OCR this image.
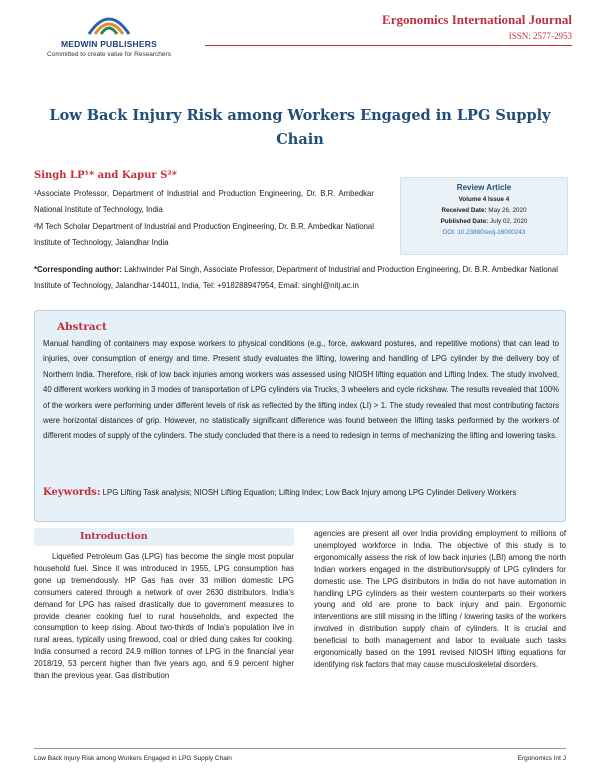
MEDWIN PUBLISHERS
Committed to create value for Researchers
Ergonomics International Journal
ISSN: 2577-2953
Low Back Injury Risk among Workers Engaged in LPG Supply
Chain
Singh LP¹* and Kapur S²*

¹Associate Professor, Department of Industrial and Production Engineering, Dr. B.R. Ambedkar National Institute of Technology, India

²M Tech Scholar Department of Industrial and Production Engineering, Dr. B.R. Ambedkar National Institute of Technology, Jalandhar India

Review Article
Volume 4 Issue 4
Received Date: May 26, 2020
Published Date: July 02, 2020
DOI: 10.23880/eoij-16000243
*Corresponding author: Lakhwinder Pal Singh, Associate Professor, Department of Industrial and Production Engineering, Dr. B.R. Ambedkar National Institute of Technology, Jalandhar-144011, India, Tel: +918288947954, Email: singhl@nitj.ac.in
Abstract
Manual handling of containers may expose workers to physical conditions (e.g., force, awkward postures, and repetitive motions) that can lead to injuries, over consumption of energy and time. Present study evaluates the lifting, lowering and handling of LPG cylinder by the delivery boy of Northern India. Therefore, risk of low back injuries among workers was assessed using NIOSH lifting equation and Lifting Index. The study involved, 40 different workers working in 3 modes of transportation of LPG cylinders via Trucks, 3 wheelers and cycle rickshaw. The results revealed that 100% of the workers were performing under different levels of risk as reflected by the lifting index (LI) > 1. The study revealed that most contributing factors were horizontal distances of grip. However, no statistically significant difference was found between the lifting tasks performed by the workers of different modes of supply of the cylinders. The study concluded that there is a need to redesign in terms of mechanizing the lifting and lowering tasks.
Keywords: LPG Lifting Task analysis; NIOSH Lifting Equation; Lifting Index; Low Back Injury among LPG Cylinder Delivery Workers
Introduction
Liquefied Petroleum Gas (LPG) has become the single most popular household fuel. Since it was introduced in 1955, LPG consumption has gone up tremendously. HP Gas has over 33 million domestic LPG consumers catered through a network of over 2630 distributors. India's demand for LPG has raised drastically due to government measures to provide cleaner cooking fuel to rural households, and expected the consumption to keep rising. About two-thirds of India's population live in rural areas, typically using firewood, coal or dried dung cakes for cooking. India consumed a record 24.9 million tonnes of LPG in the financial year 2018/19, 53 percent higher than five years ago, and 6.9 percent higher than the previous year. Gas distribution
agencies are present all over India providing employment to millions of unemployed workforce in India. The objective of this study is to ergonomically assess the risk of low back injuries (LBI) among the north Indian workers engaged in the distribution/supply of LPG cylinders for domestic use. The LPG distributors in India do not have automation in handling LPG cylinders as their western counterparts so their workers young and old are prone to back injury and pain. Ergonomic interventions are still missing in the lifting / lowering tasks of the workers involved in distribution supply chain of cylinders. It is crucial and beneficial to both management and labor to evaluate such tasks ergonomically based on the 1991 revised NIOSH lifting equations for identifying risk factors that may cause musculoskeletal disorders.
Low Back Injury Risk among Workers Engaged in LPG Supply Chain	Ergonomics Int J
